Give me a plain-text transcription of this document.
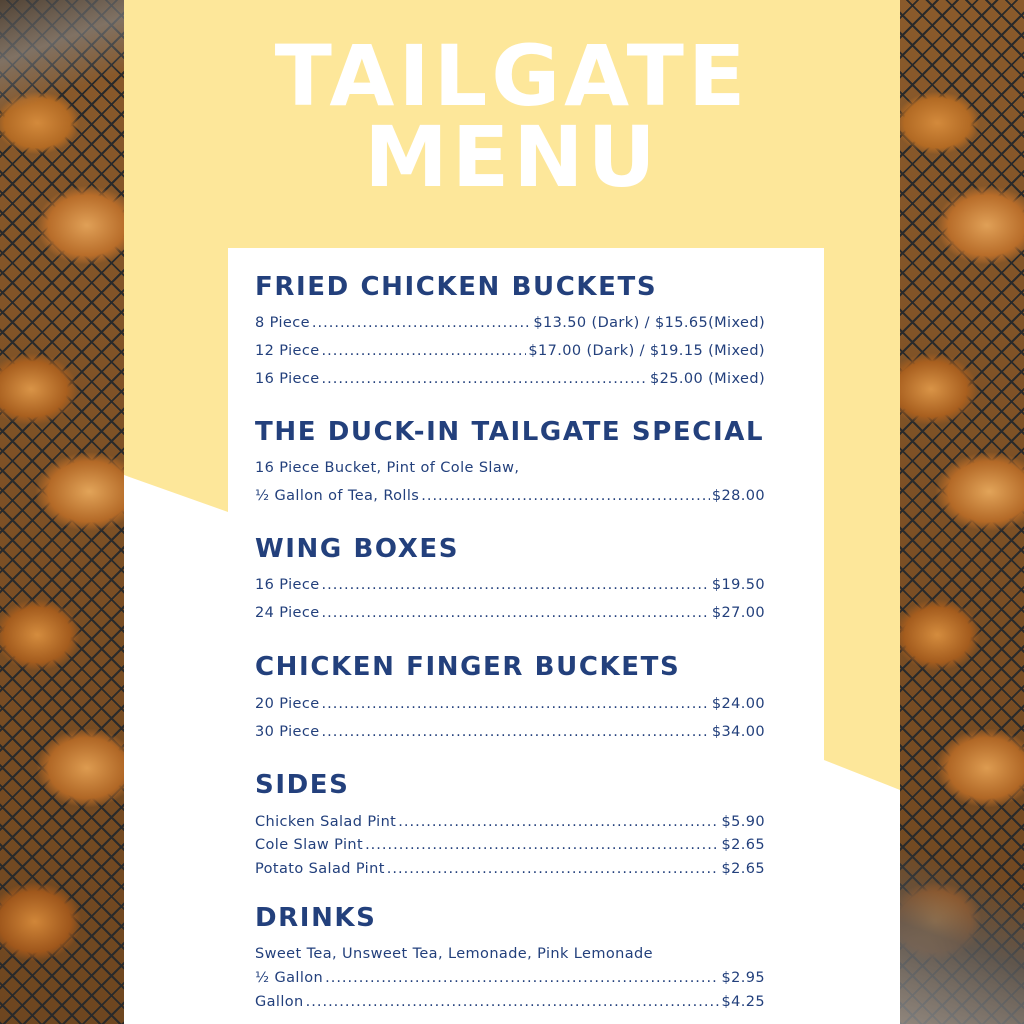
TAILGATE
MENU
FRIED CHICKEN BUCKETS
8 Piece .....	$13.50 (Dark) / $15.65(Mixed)
12 Piece .....	$17.00 (Dark) / $19.15 (Mixed)
16 Piece .....	$25.00 (Mixed)
THE DUCK-IN TAILGATE SPECIAL
16 Piece Bucket, Pint of Cole Slaw,
½ Gallon of Tea, Rolls .....	$28.00
WING BOXES
16 Piece .....	$19.50
24 Piece .....	$27.00
CHICKEN FINGER BUCKETS
20 Piece .....	$24.00
30 Piece .....	$34.00
SIDES
Chicken Salad Pint .....	$5.90
Cole Slaw Pint .....	$2.65
Potato Salad Pint .....	$2.65
DRINKS
Sweet Tea, Unsweet Tea, Lemonade, Pink Lemonade
½ Gallon .....	$2.95
Gallon .....	$4.25
